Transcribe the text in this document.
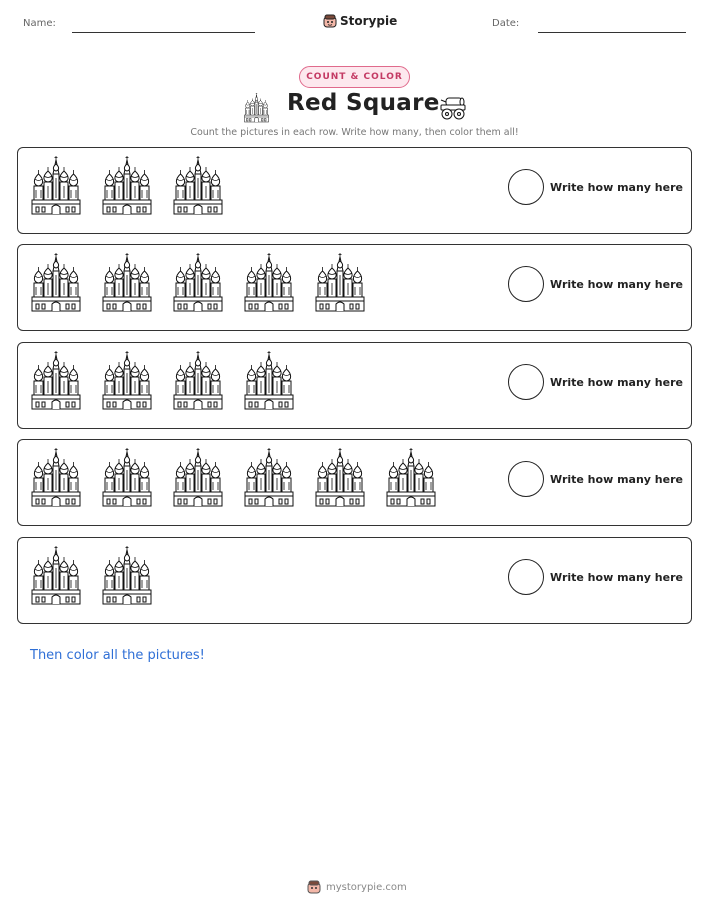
Name:	Storypie	Date:
COUNT & COLOR
Red Square
Count the pictures in each row. Write how many, then color them all!
Write how many here
Write how many here
Write how many here
Write how many here
Write how many here
Then color all the pictures!
mystorypie.com
